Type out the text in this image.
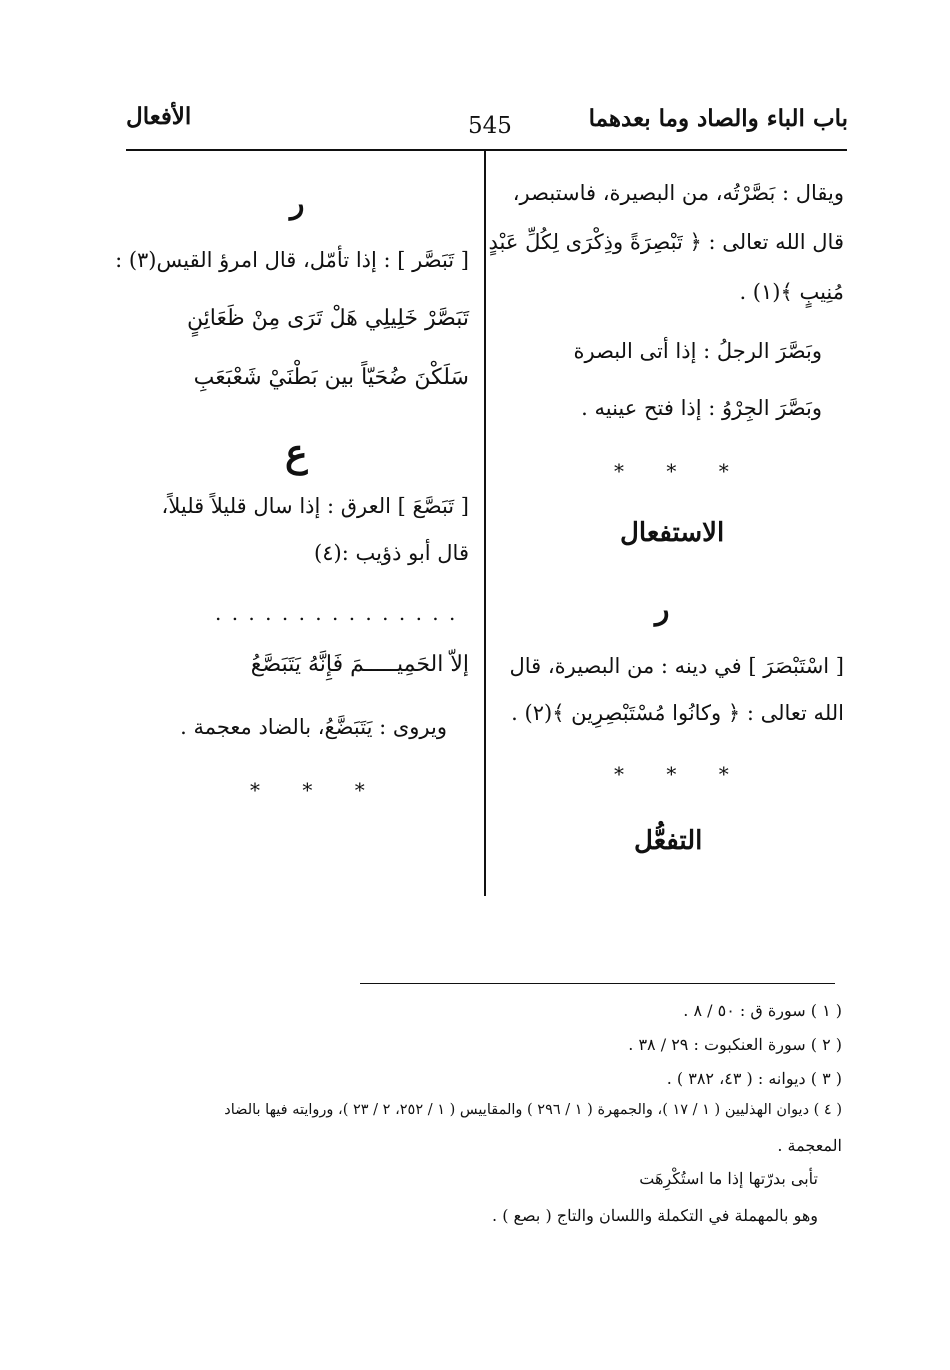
باب الباء والصاد وما بعدهما
545
الأفعال
ويقال : بَصَّرْتُه، من البصيرة، فاستبصر،
قال الله تعالى : ﴿ تَبْصِرَةً وذِكْرَى لِكُلِّ عَبْدٍ
مُنِيبٍ ﴾(١) .
وبَصَّرَ الرجلُ : إذا أتى البصرة
وبَصَّرَ الجِرْوُ : إذا فتح عينيه .
* * *
الاستفعال
ر
[ اسْتَبْصَرَ ] في دينه : من البصيرة، قال
الله تعالى : ﴿ وكانُوا مُسْتَبْصِرِين ﴾(٢) .
* * *
التفعُّل
ر
[ تَبَصَّر ] : إذا تأمّل، قال امرؤ القيس(٣) :
تَبَصَّرْ خَلِيلِي هَلْ تَرَى مِنْ ظَعَائِنٍ
سَلَكْنَ ضُحَيّاً بين بَطْنَيْ شَعْبَعَبِ
ع
[ تَبَصَّعَ ] العرق : إذا سال قليلاً قليلاً،
قال أبو ذؤيب :(٤)
. . . . . . . . . . . . . . .
إلاّ الحَمِيـــــمَ فَإِنَّهُ يَتَبَصَّعُ
ويروى : يَتَبَضَّعُ، بالضاد معجمة .
* * *
( ١ ) سورة ق : ٥٠ / ٨ .
( ٢ ) سورة العنكبوت : ٢٩ / ٣٨ .
( ٣ ) ديوانه : ( ٤٣، ٣٨٢ ) .
( ٤ ) ديوان الهذليين ( ١ / ١٧ )، والجمهرة ( ١ / ٢٩٦ ) والمقاييس ( ١ / ٢٥٢، ٢ / ٢٣ )، وروايته فيها بالضاد
المعجمة .
تأبى بدرّتها إذا ما استُكْرِهَت
وهو بالمهملة في التكملة واللسان والتاج ( بصع ) .
